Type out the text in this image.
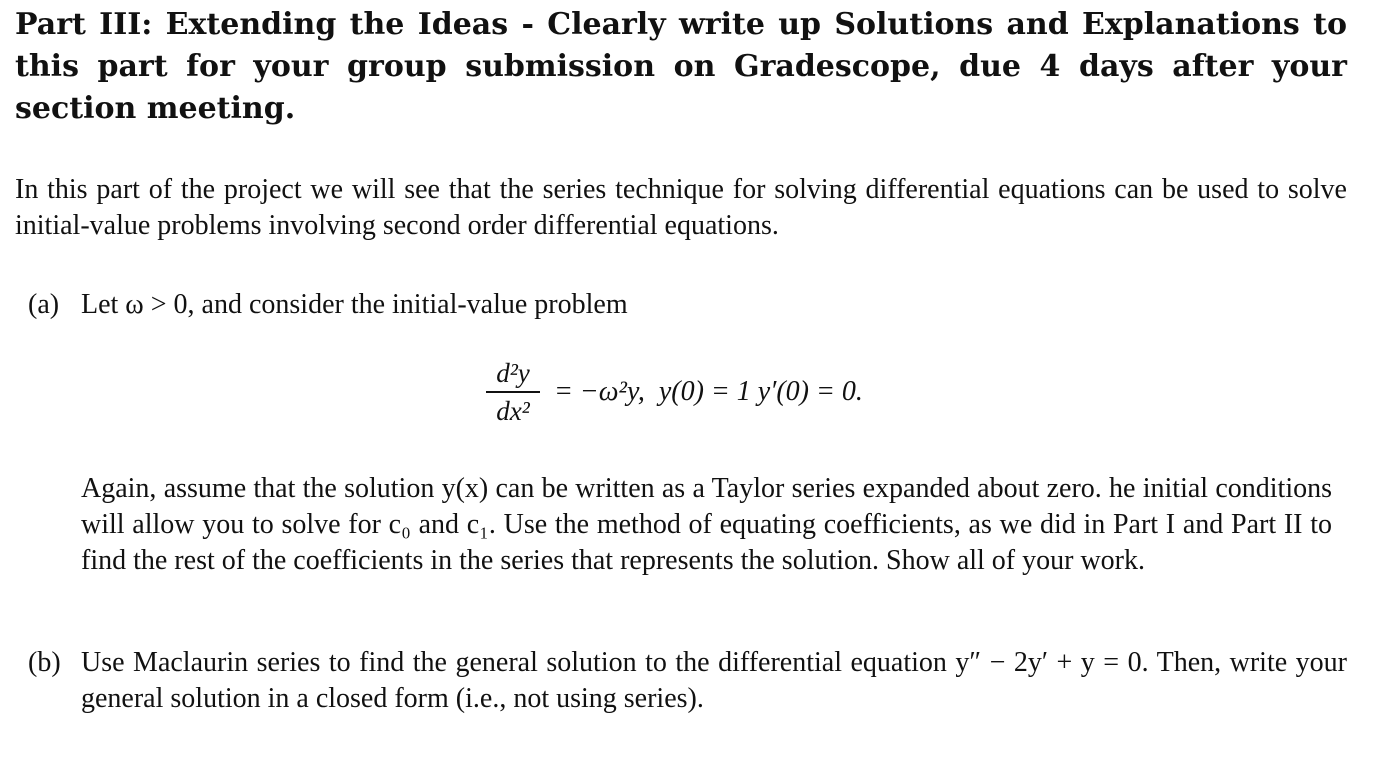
Part III: Extending the Ideas - Clearly write up Solutions and Explanations to this part for your group submission on Gradescope, due 4 days after your section meeting.

In this part of the project we will see that the series technique for solving differential equations can be used to solve initial-value problems involving second order differential equations.

(a) Let ω > 0, and consider the initial-value problem
$\frac{\text{d²y}}{\text{dx²}} = -\omega^2y$,  y(0) = 1 y′(0) = 0.

Again, assume that the solution y(x) can be written as a Taylor series expanded about zero. he initial conditions will allow you to solve for c₀ and c₁. Use the method of equating coefficients, as we did in Part I and Part II to find the rest of the coefficients in the series that represents the solution. Show all of your work.

(b) Use Maclaurin series to find the general solution to the differential equation y″ − 2y′ + y = 0. Then, write your general solution in a closed form (i.e., not using series).
